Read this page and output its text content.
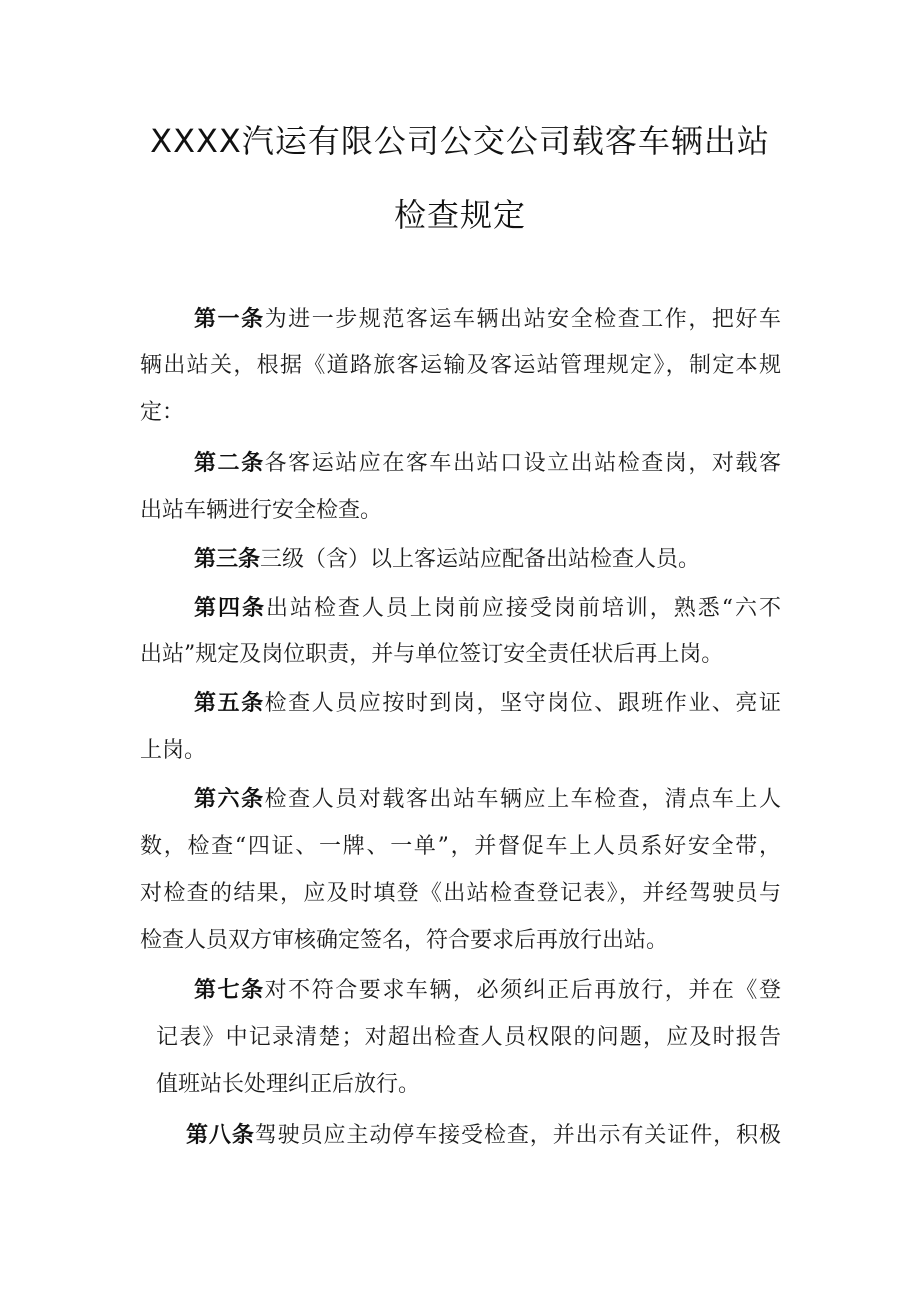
XXXX汽运有限公司公交公司载客车辆出站
检查规定
第一条为进一步规范客运车辆出站安全检查工作，把好车
辆出站关，根据《道路旅客运输及客运站管理规定》，制定本规
定：
第二条各客运站应在客车出站口设立出站检查岗，对载客
出站车辆进行安全检查。
第三条三级（含）以上客运站应配备出站检查人员。
第四条出站检查人员上岗前应接受岗前培训，熟悉“六不
出站”规定及岗位职责，并与单位签订安全责任状后再上岗。
第五条检查人员应按时到岗，坚守岗位、跟班作业、亮证
上岗。
第六条检查人员对载客出站车辆应上车检查，清点车上人
数，检查“四证、一牌、一单”，并督促车上人员系好安全带，
对检查的结果，应及时填登《出站检查登记表》，并经驾驶员与
检查人员双方审核确定签名，符合要求后再放行出站。
第七条对不符合要求车辆，必须纠正后再放行，并在《登
记表》中记录清楚；对超出检查人员权限的问题，应及时报告
值班站长处理纠正后放行。
第八条驾驶员应主动停车接受检查，并出示有关证件，积极
